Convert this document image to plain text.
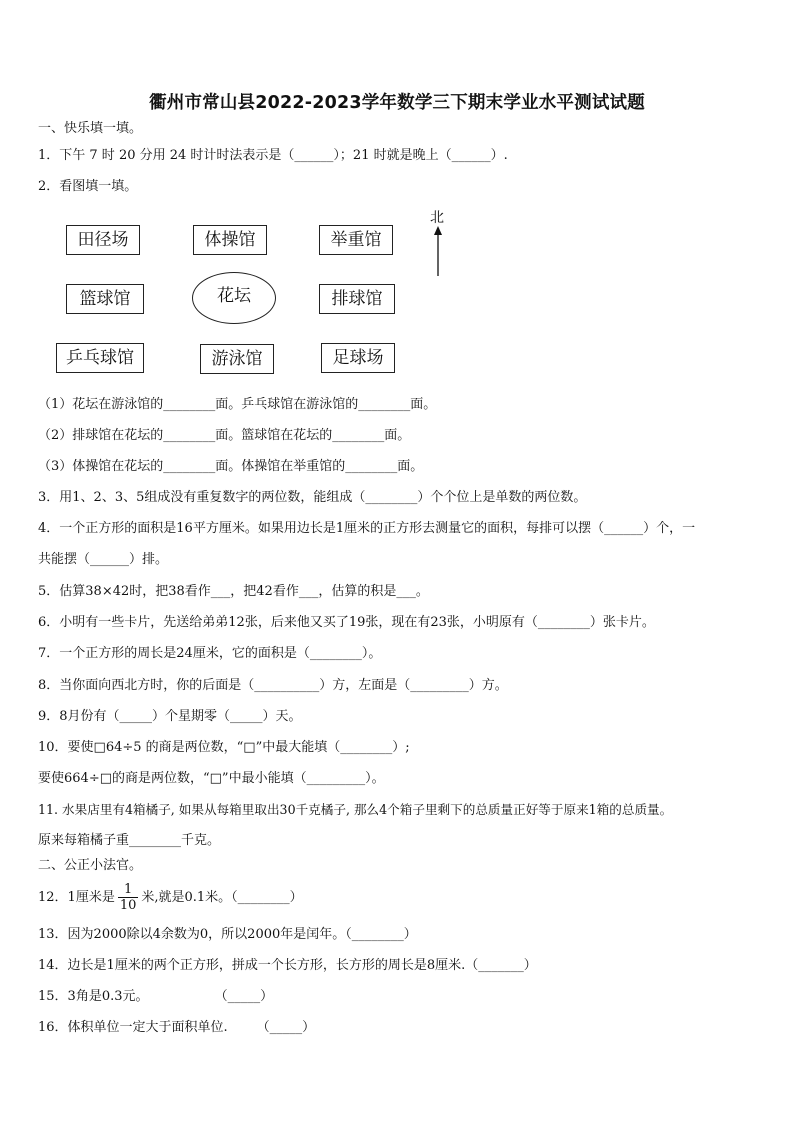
衢州市常山县2022-2023学年数学三下期末学业水平测试试题
一、快乐填一填。
1．下午 7 时 20 分用 24 时计时法表示是（______）；21 时就是晚上（______）.
2．看图填一填。
田径场	体操馆	举重馆
篮球馆	花坛	排球馆
乒乓球馆	游泳馆	足球场
北
（1）花坛在游泳馆的________面。乒乓球馆在游泳馆的________面。
（2）排球馆在花坛的________面。篮球馆在花坛的________面。
（3）体操馆在花坛的________面。体操馆在举重馆的________面。
3．用1、2、3、5组成没有重复数字的两位数，能组成（________）个个位上是单数的两位数。
4．一个正方形的面积是16平方厘米。如果用边长是1厘米的正方形去测量它的面积，每排可以摆（______）个，一
共能摆（______）排。
5．估算38×42时，把38看作___，把42看作___，估算的积是___。
6．小明有一些卡片，先送给弟弟12张，后来他又买了19张，现在有23张，小明原有（________）张卡片。
7．一个正方形的周长是24厘米，它的面积是（________）。
8．当你面向西北方时，你的后面是（__________）方，左面是（_________）方。
9．8月份有（_____）个星期零（_____）天。
10．要使□64÷5 的商是两位数，“□”中最大能填（________）;
要使664÷□的商是两位数，“□”中最小能填（_________）。
11. 水果店里有4箱橘子, 如果从每箱里取出30千克橘子, 那么4个箱子里剩下的总质量正好等于原来1箱的总质量。
原来每箱橘子重________千克。
二、公正小法官。
12．1厘米是 $\frac{1}{10}$ 米,就是0.1米。（________）
13．因为2000除以4余数为0，所以2000年是闰年。（________）
14．边长是1厘米的两个正方形，拼成一个长方形，长方形的周长是8厘米.（_______）
15．3角是0.3元。                （_____）
16．体积单位一定大于面积单位.       （_____）
